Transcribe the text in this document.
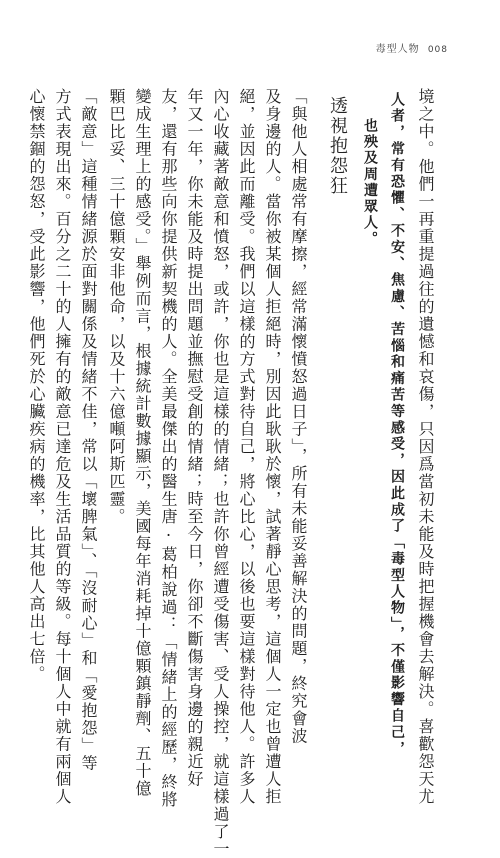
毒型人物 008
境之中。他們一再重提過往的遺憾和哀傷，只因爲當初未能及時把握機會去解決。喜歡怨天尤
人者，常有恐懼、不安、焦慮、苦惱和痛苦等感受，因此成了「毒型人物」，不僅影響自己，
也殃及周遭眾人。
透視抱怨狂
「與他人相處常有摩擦，經常滿懷憤怒過日子」，所有未能妥善解決的問題，終究會波
及身邊的人。當你被某個人拒絕時，別因此耿耿於懷，試著靜心思考，這個人一定也曾遭人拒
絕，並因此而離受。我們以這樣的方式對待自己，將心比心，以後也要這樣對待他人。許多人
內心收藏著敵意和憤怒，或許，你也是這樣的情緒；也許你曾經遭受傷害、受人操控，就這樣過了一
年又一年，你未能及時提出問題並撫慰受創的情緒；時至今日，你卻不斷傷害身邊的親近好
友，還有那些向你提供新契機的人。全美最傑出的醫生唐·葛柏說過：「情緒上的經歷，終將
變成生理上的感受。」舉例而言，根據統計數據顯示，美國每年消耗掉十億顆鎮靜劑、五十億
顆巴比妥、三十億顆安非他命，以及十六億噸阿斯匹靈。
「敵意」這種情緒源於面對關係及情緒不佳，常以「壞脾氣」、「沒耐心」和「愛抱怨」等
方式表現出來。百分之二十的人擁有的敵意已達危及生活品質的等級。每十個人中就有兩個人
心懷禁錮的怨怒，受此影響，他們死於心臟疾病的機率，比其他人高出七倍。
